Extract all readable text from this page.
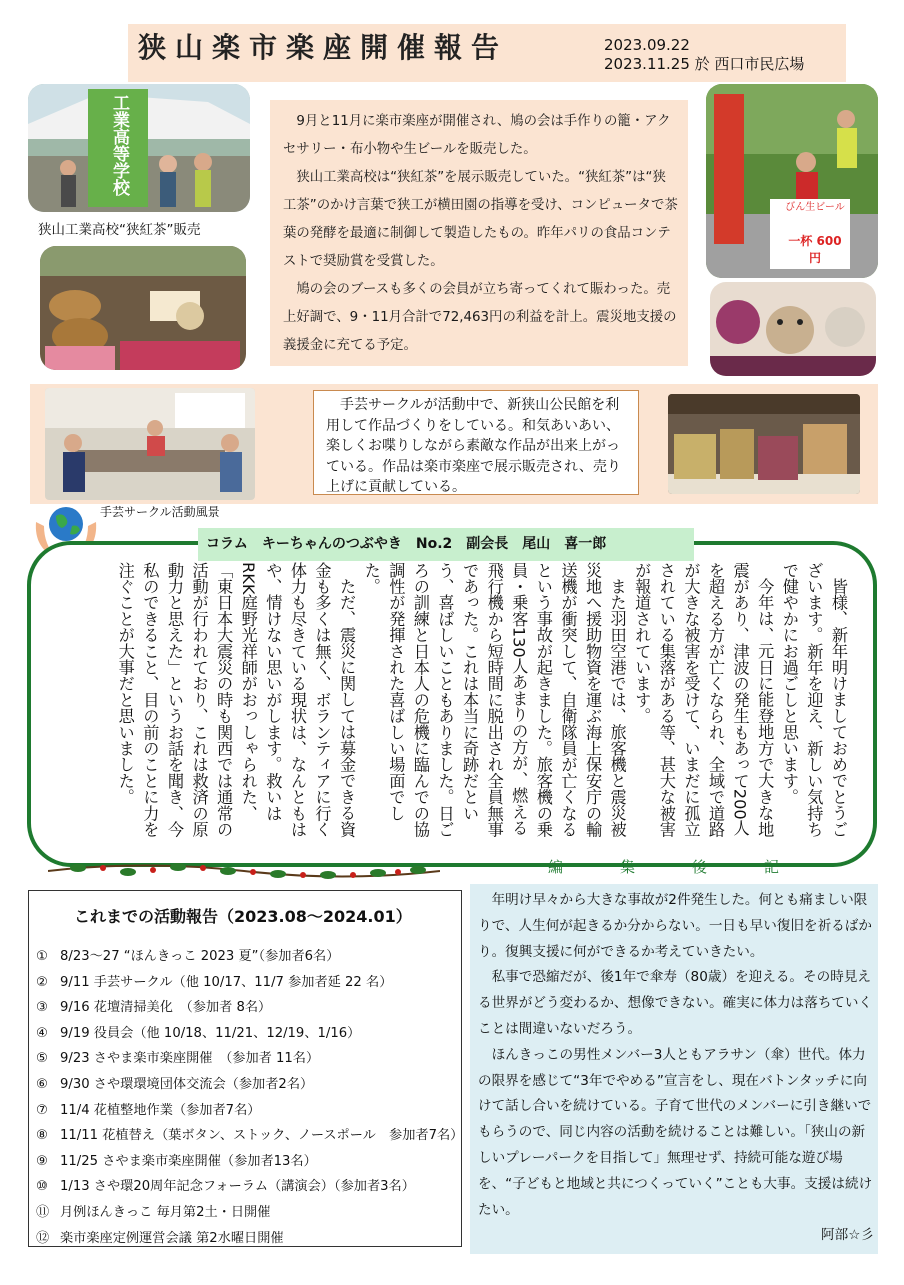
狭山楽市楽座開催報告	2023.09.22
2023.11.25 於 西口市民広場
工業高等学校
狭山工業高校“狭紅茶”販売

9月と11月に楽市楽座が開催され、鳩の会は手作りの籠・アクセサリー・布小物や生ビールを販売した。

狭山工業高校は“狭紅茶”を展示販売していた。“狭紅茶”は“狭工茶”のかけ言葉で狭工が横田園の指導を受け、コンピュータで茶葉の発酵を最適に制御して製造したもの。昨年パリの食品コンテストで奨励賞を受賞した。

鳩の会のブースも多くの会員が立ち寄ってくれて賑わった。売上好調で、9・11月合計で72,463円の利益を計上。震災地支援の義援金に充てる予定。

びん生ビール
一杯 600円

手芸サークルが活動中で、新狭山公民館を利用して作品づくりをしている。和気あいあい、楽しくお喋りしながら素敵な作品が出来上がっている。作品は楽市楽座で展示販売され、売り上げに貢献している。

手芸サークル活動風景
コラム　キーちゃんのつぶやき　No.2　副会長　尾山　喜一郎

皆様、新年明けましておめでとうございます。新年を迎え、新しい気持ちで健やかにお過ごしと思います。

今年は、元日に能登地方で大きな地震があり、津波の発生もあって200人を超える方が亡くなられ、全域で道路が大きな被害を受けて、いまだに孤立されている集落がある等、甚大な被害が報道されています。

また羽田空港では、旅客機と震災被災地へ援助物資を運ぶ海上保安庁の輸送機が衝突して、自衛隊員が亡くなるという事故が起きました。旅客機の乗員・乗客130人あまりの方が、燃える飛行機から短時間に脱出され全員無事であった。これは本当に奇跡だという、喜ばしいこともありました。日ごろの訓練と日本人の危機に臨んでの協調性が発揮された喜ばしい場面でした。

ただ、震災に関しては募金できる資金も多くは無く、ボランティアに行く体力も尽きている現状は、なんともはや、情けない思いがします。救いはRKK庭野光祥師がおっしゃられた、「東日本大震災の時も関西では通常の活動が行われており、これは救済の原動力と思えた」というお話を聞き、今私のできること、目の前のことに力を注ぐことが大事だと思いました。

これまでの活動報告（2023.08～2024.01）
① 8/23～27 “ほんきっこ 2023 夏”（参加者6名）
② 9/11 手芸サークル（他 10/17、11/7 参加者延 22 名）
③ 9/16 花壇清掃美化　（参加者 8名）
④ 9/19 役員会（他 10/18、11/21、12/19、1/16）
⑤ 9/23 さやま楽市楽座開催　（参加者 11名）
⑥ 9/30 さや環環境団体交流会（参加者2名）
⑦ 11/4 花植整地作業（参加者7名）
⑧ 11/11 花植替え（葉ボタン、ストック、ノースポール　参加者7名）
⑨ 11/25 さやま楽市楽座開催（参加者13名）
⑩ 1/13 さや環20周年記念フォーラム（講演会）（参加者3名）
⑪ 月例ほんきっこ 毎月第2土・日開催
⑫ 楽市楽座定例運営会議 第2水曜日開催
編集後記

年明け早々から大きな事故が2件発生した。何とも痛ましい限りで、人生何が起きるか分からない。一日も早い復旧を祈るばかり。復興支援に何ができるか考えていきたい。

私事で恐縮だが、後1年で傘寿（80歳）を迎える。その時見える世界がどう変わるか、想像できない。確実に体力は落ちていくことは間違いないだろう。

ほんきっこの男性メンバー3人ともアラサン（傘）世代。体力の限界を感じて“3年でやめる”宣言をし、現在バトンタッチに向けて話し合いを続けている。子育て世代のメンバーに引き継いでもらうので、同じ内容の活動を続けることは難しい。「狭山の新しいプレーパークを目指して」無理せず、持続可能な遊び場を、“子どもと地域と共につくっていく”ことも大事。支援は続けたい。

阿部☆彡
